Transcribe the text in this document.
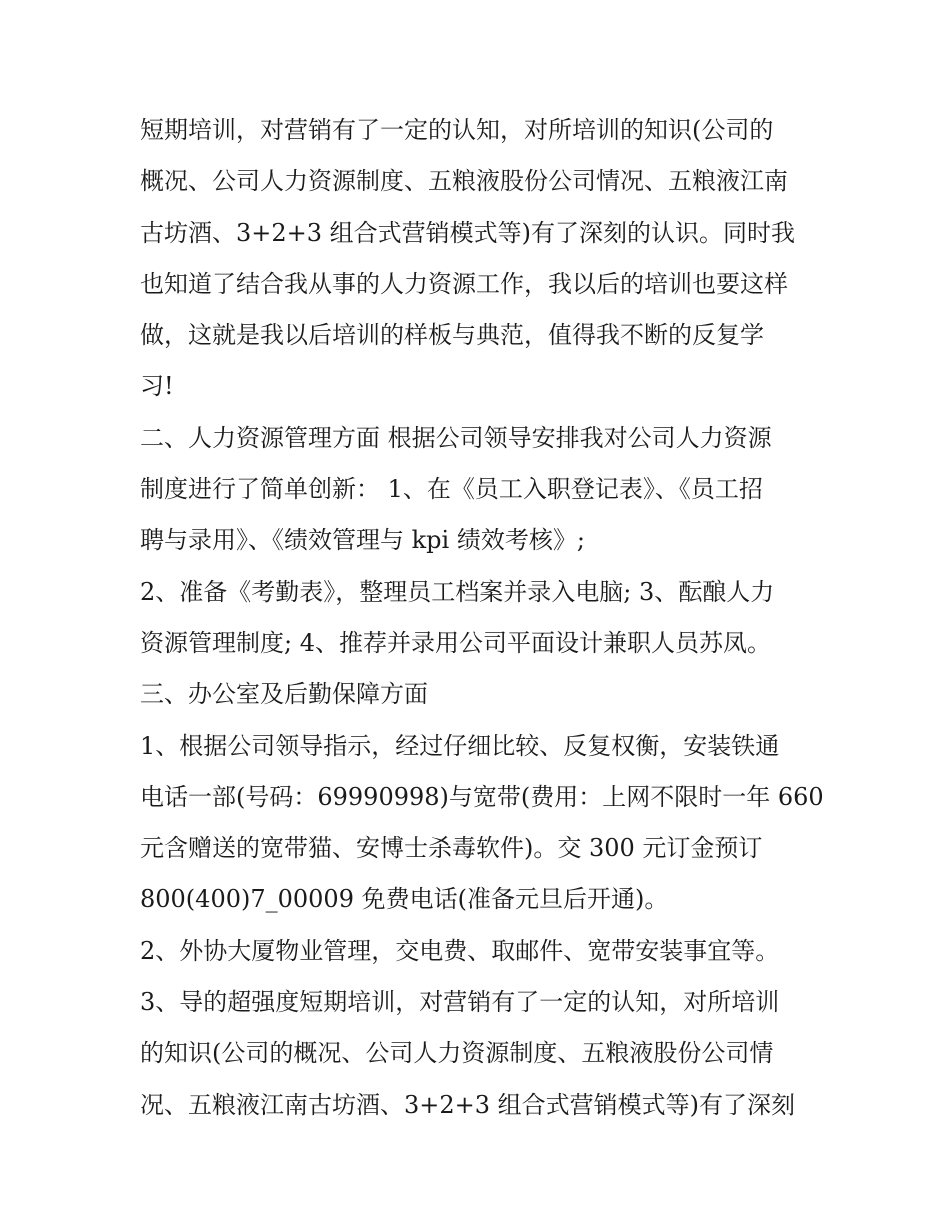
短期培训，对营销有了一定的认知，对所培训的知识(公司的
概况、公司人力资源制度、五粮液股份公司情况、五粮液江南
古坊酒、3+2+3 组合式营销模式等)有了深刻的认识。同时我
也知道了结合我从事的人力资源工作，我以后的培训也要这样
做，这就是我以后培训的样板与典范，值得我不断的反复学
习!
二、人力资源管理方面 根据公司领导安排我对公司人力资源
制度进行了简单创新： 1、在《员工入职登记表》、《员工招
聘与录用》、《绩效管理与 kpi 绩效考核》;
2、准备《考勤表》，整理员工档案并录入电脑; 3、酝酿人力
资源管理制度; 4、推荐并录用公司平面设计兼职人员苏凤。
三、办公室及后勤保障方面
1、根据公司领导指示，经过仔细比较、反复权衡，安装铁通
电话一部(号码：69990998)与宽带(费用：上网不限时一年 660
元含赠送的宽带猫、安博士杀毒软件)。交 300 元订金预订
800(400)7_00009 免费电话(准备元旦后开通)。
2、外协大厦物业管理，交电费、取邮件、宽带安装事宜等。
3、导的超强度短期培训，对营销有了一定的认知，对所培训
的知识(公司的概况、公司人力资源制度、五粮液股份公司情
况、五粮液江南古坊酒、3+2+3 组合式营销模式等)有了深刻
